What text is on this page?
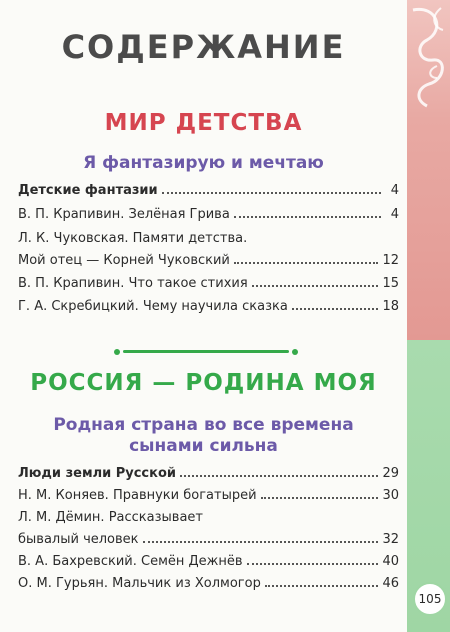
СОДЕРЖАНИЕ
МИР ДЕТСТВА
Я фантазирую и мечтаю
Детские фантазии	4
В. П. Крапивин. Зелёная Грива	4
Л. К. Чуковская. Памяти детства.
Мой отец — Корней Чуковский	12
В. П. Крапивин. Что такое стихия	15
Г. А. Скребицкий. Чему научила сказка	18
РОССИЯ — РОДИНА МОЯ
Родная страна во все времена
сынами сильна
Люди земли Русской	29
Н. М. Коняев. Правнуки богатырей	30
Л. М. Дёмин. Рассказывает
бывалый человек	32
В. А. Бахревский. Семён Дежнёв	40
О. М. Гурьян. Мальчик из Холмогор	46
105
